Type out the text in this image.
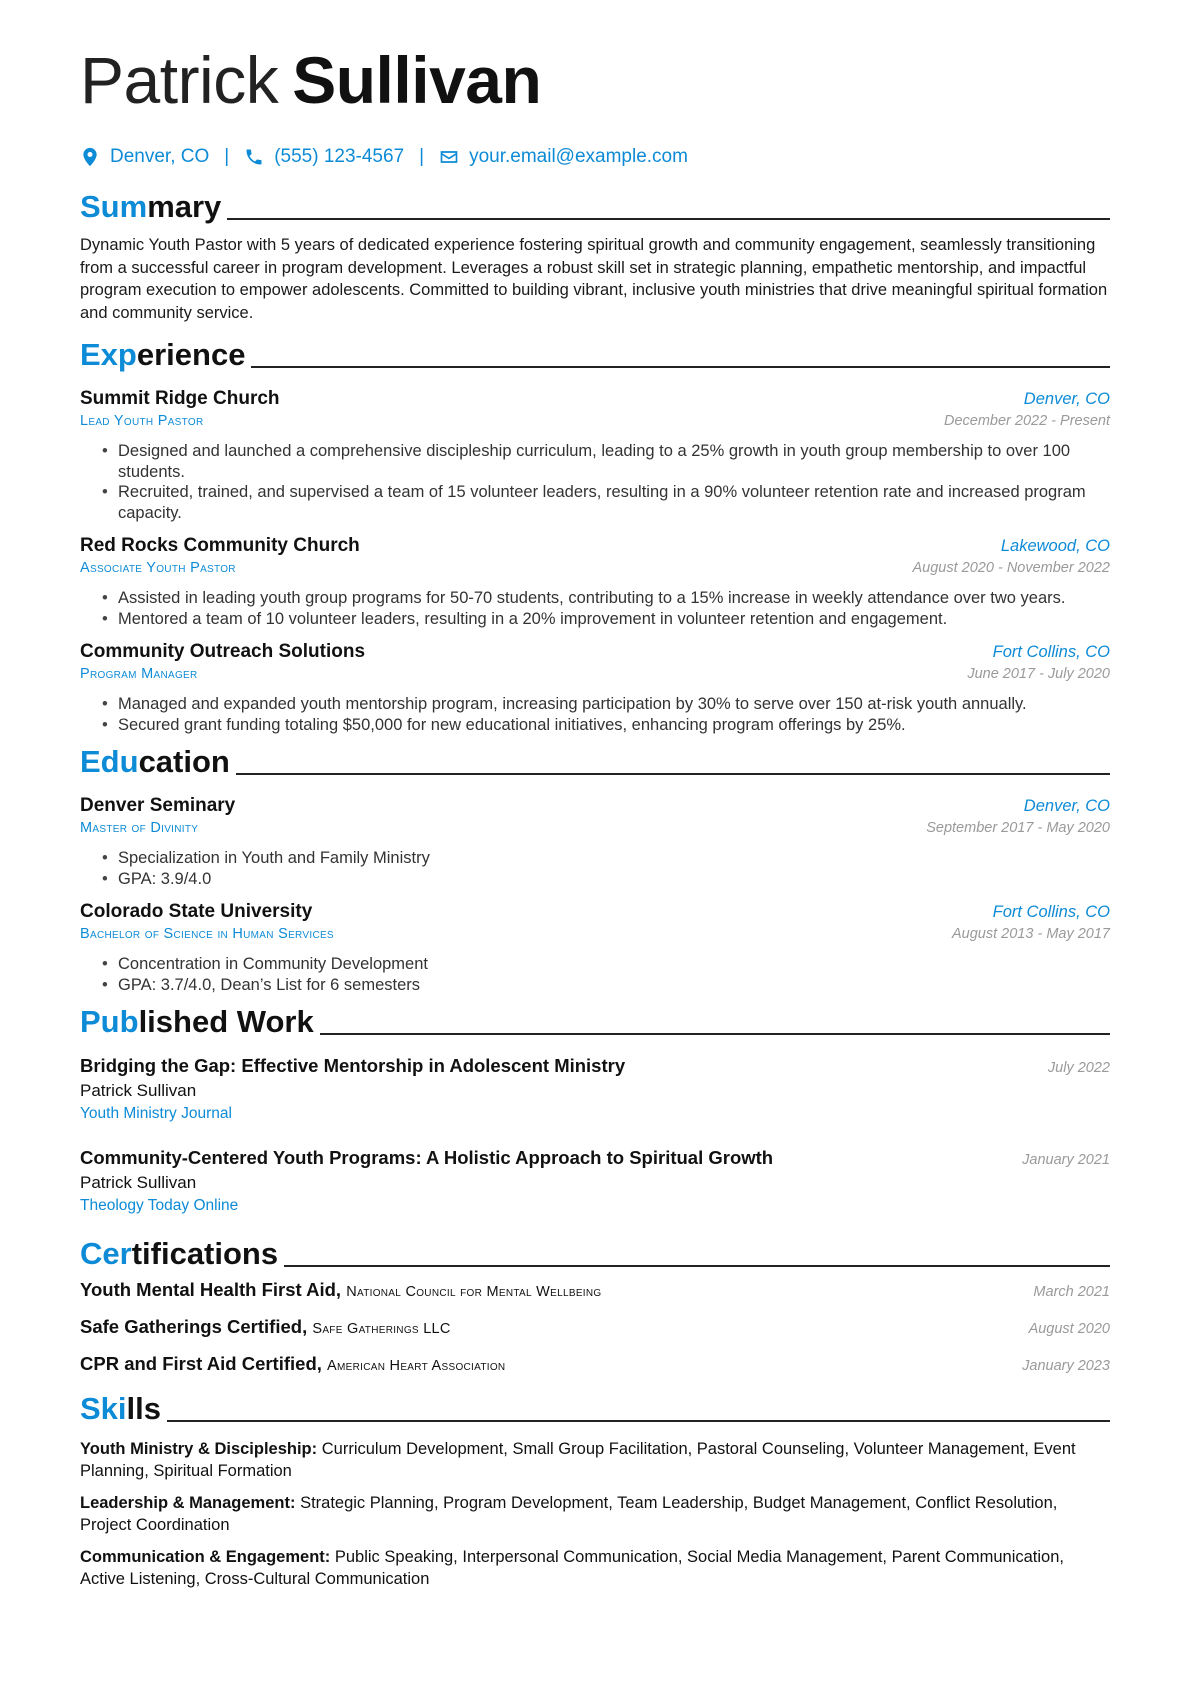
Patrick Sullivan
Denver, CO | (555) 123-4567 | your.email@example.com
Summary

Dynamic Youth Pastor with 5 years of dedicated experience fostering spiritual growth and community engagement, seamlessly transitioning from a successful career in program development. Leverages a robust skill set in strategic planning, empathetic mentorship, and impactful program execution to empower adolescents. Committed to building vibrant, inclusive youth ministries that drive meaningful spiritual formation and community service.

Experience
Summit Ridge Church	Denver, CO
Lead Youth Pastor	December 2022 - Present
• Designed and launched a comprehensive discipleship curriculum, leading to a 25% growth in youth group membership to over 100 students.
• Recruited, trained, and supervised a team of 15 volunteer leaders, resulting in a 90% volunteer retention rate and increased program capacity.
Red Rocks Community Church	Lakewood, CO
Associate Youth Pastor	August 2020 - November 2022
• Assisted in leading youth group programs for 50-70 students, contributing to a 15% increase in weekly attendance over two years.
• Mentored a team of 10 volunteer leaders, resulting in a 20% improvement in volunteer retention and engagement.
Community Outreach Solutions	Fort Collins, CO
Program Manager	June 2017 - July 2020
• Managed and expanded youth mentorship program, increasing participation by 30% to serve over 150 at-risk youth annually.
• Secured grant funding totaling $50,000 for new educational initiatives, enhancing program offerings by 25%.
Education
Denver Seminary	Denver, CO
Master of Divinity	September 2017 - May 2020
• Specialization in Youth and Family Ministry
• GPA: 3.9/4.0
Colorado State University	Fort Collins, CO
Bachelor of Science in Human Services	August 2013 - May 2017
• Concentration in Community Development
• GPA: 3.7/4.0, Dean’s List for 6 semesters
Published Work
Bridging the Gap: Effective Mentorship in Adolescent Ministry	July 2022
Patrick Sullivan
Youth Ministry Journal
Community-Centered Youth Programs: A Holistic Approach to Spiritual Growth	January 2021
Patrick Sullivan
Theology Today Online
Certifications
Youth Mental Health First Aid, National Council for Mental Wellbeing	March 2021
Safe Gatherings Certified, Safe Gatherings LLC	August 2020
CPR and First Aid Certified, American Heart Association	January 2023
Skills

Youth Ministry & Discipleship: Curriculum Development, Small Group Facilitation, Pastoral Counseling, Volunteer Management, Event Planning, Spiritual Formation

Leadership & Management: Strategic Planning, Program Development, Team Leadership, Budget Management, Conflict Resolution, Project Coordination

Communication & Engagement: Public Speaking, Interpersonal Communication, Social Media Management, Parent Communication, Active Listening, Cross-Cultural Communication
